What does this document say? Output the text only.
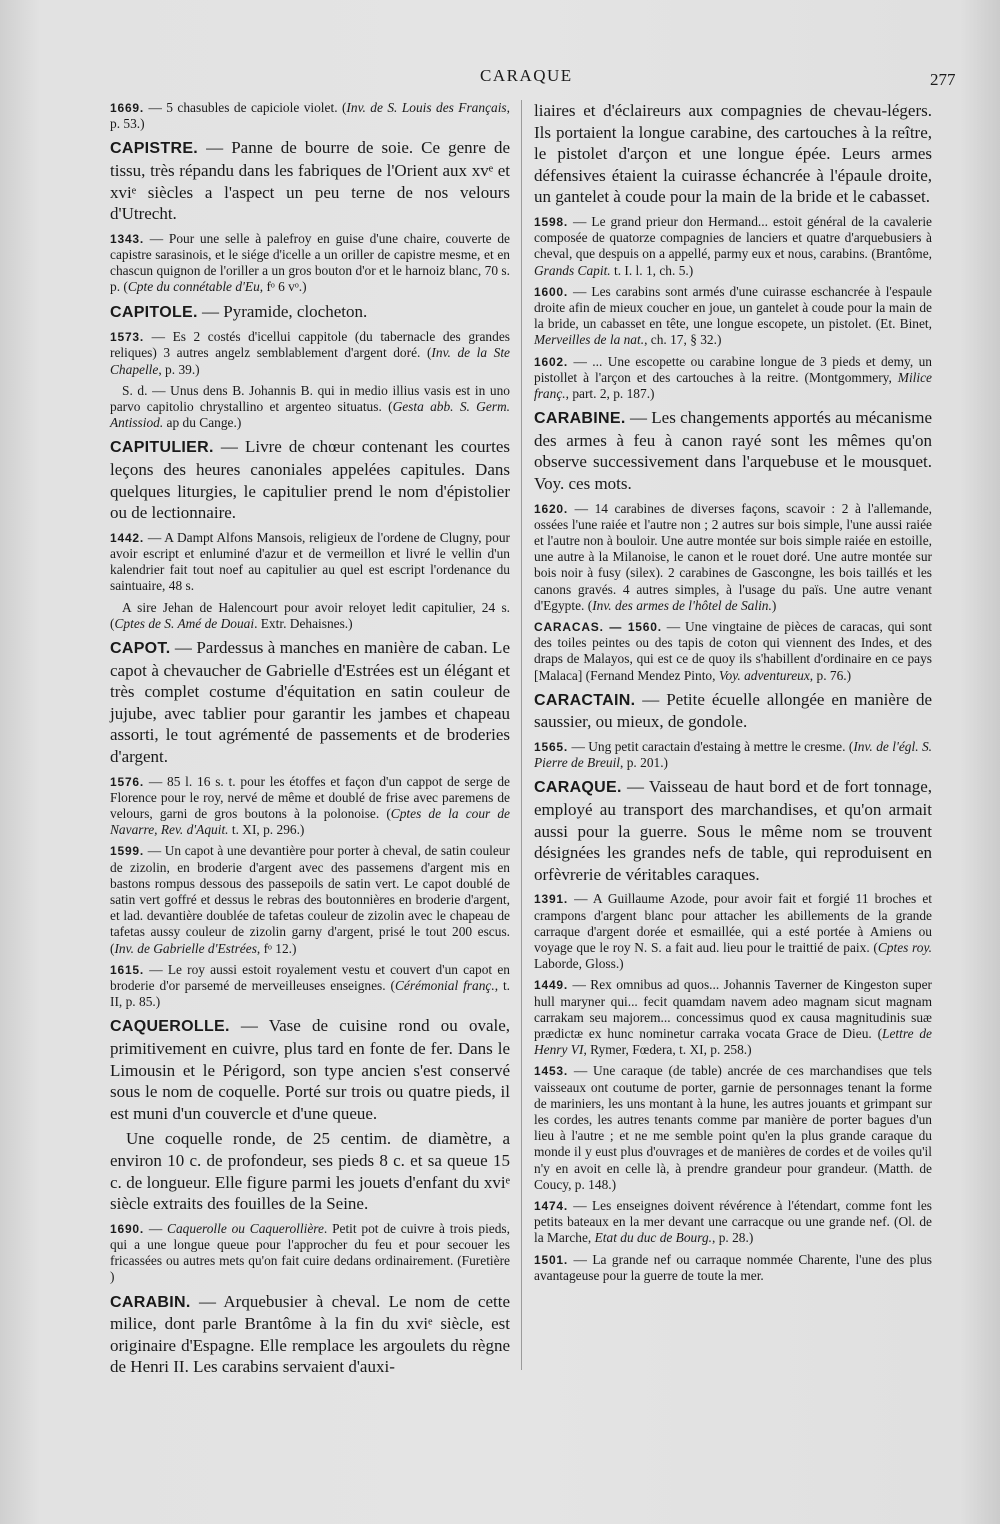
CARAQUE	277
1669. — 5 chasubles de capiciole violet. (Inv. de S. Louis des Français, p. 53.)

CAPISTRE. — Panne de bourre de soie. Ce genre de tissu, très répandu dans les fabriques de l'Orient aux xvᵉ et xviᵉ siècles a l'aspect un peu terne de nos velours d'Utrecht.

1343. — Pour une selle à palefroy en guise d'une chaire, couverte de capistre sarasinois, et le siége d'icelle a un oriller de capistre mesme, et en chascun quignon de l'oriller a un gros bouton d'or et le harnoiz blanc, 70 s. p. (Cpte du connétable d'Eu, fᵒ 6 vᵒ.)

CAPITOLE. — Pyramide, clocheton.

1573. — Es 2 costés d'icellui cappitole (du tabernacle des grandes reliques) 3 autres angelz semblablement d'argent doré. (Inv. de la Ste Chapelle, p. 39.)
S. d. — Unus dens B. Johannis B. qui in medio illius vasis est in uno parvo capitolio chrystallino et argenteo situatus. (Gesta abb. S. Germ. Antissiod. ap du Cange.)

CAPITULIER. — Livre de chœur contenant les courtes leçons des heures canoniales appelées capitules. Dans quelques liturgies, le capitulier prend le nom d'épistolier ou de lectionnaire.

1442. — A Dampt Alfons Mansois, religieux de l'ordene de Clugny, pour avoir escript et enluminé d'azur et de vermeillon et livré le vellin d'un kalendrier fait tout noef au capitulier au quel est escript l'ordenance du saintuaire, 48 s.
A sire Jehan de Halencourt pour avoir reloyet ledit capitulier, 24 s. (Cptes de S. Amé de Douai. Extr. Dehaisnes.)

CAPOT. — Pardessus à manches en manière de caban. Le capot à chevaucher de Gabrielle d'Estrées est un élégant et très complet costume d'équitation en satin couleur de jujube, avec tablier pour garantir les jambes et chapeau assorti, le tout agrémenté de passements et de broderies d'argent.

1576. — 85 l. 16 s. t. pour les étoffes et façon d'un cappot de serge de Florence pour le roy, nervé de même et doublé de frise avec paremens de velours, garni de gros boutons à la polonoise. (Cptes de la cour de Navarre, Rev. d'Aquit. t. XI, p. 296.)
1599. — Un capot à une devantière pour porter à cheval, de satin couleur de zizolin, en broderie d'argent avec des passemens d'argent mis en bastons rompus dessous des passepoils de satin vert. Le capot doublé de satin vert goffré et dessus le rebras des boutonnières en broderie d'argent, et lad. devantière doublée de tafetas couleur de zizolin avec le chapeau de tafetas aussy couleur de zizolin garny d'argent, prisé le tout 200 escus. (Inv. de Gabrielle d'Estrées, fᵒ 12.)
1615. — Le roy aussi estoit royalement vestu et couvert d'un capot en broderie d'or parsemé de merveilleuses enseignes. (Cérémonial franç., t. II, p. 85.)

CAQUEROLLE. — Vase de cuisine rond ou ovale, primitivement en cuivre, plus tard en fonte de fer. Dans le Limousin et le Périgord, son type ancien s'est conservé sous le nom de coquelle. Porté sur trois ou quatre pieds, il est muni d'un couvercle et d'une queue.

Une coquelle ronde, de 25 centim. de diamètre, a environ 10 c. de profondeur, ses pieds 8 c. et sa queue 15 c. de longueur. Elle figure parmi les jouets d'enfant du xviᵉ siècle extraits des fouilles de la Seine.

1690. — Caquerolle ou Caquerollière. Petit pot de cuivre à trois pieds, qui a une longue queue pour l'approcher du feu et pour secouer les fricassées ou autres mets qu'on fait cuire dedans ordinairement. (Furetière )

CARABIN. — Arquebusier à cheval. Le nom de cette milice, dont parle Brantôme à la fin du xviᵉ siècle, est originaire d'Espagne. Elle remplace les argoulets du règne de Henri II. Les carabins servaient d'auxi-

liaires et d'éclaireurs aux compagnies de chevau-légers. Ils portaient la longue carabine, des cartouches à la reître, le pistolet d'arçon et une longue épée. Leurs armes défensives étaient la cuirasse échancrée à l'épaule droite, un gantelet à coude pour la main de la bride et le cabasset.

1598. — Le grand prieur don Hermand... estoit général de la cavalerie composée de quatorze compagnies de lanciers et quatre d'arquebusiers à cheval, que despuis on a appellé, parmy eux et nous, carabins. (Brantôme, Grands Capit. t. I. l. 1, ch. 5.)
1600. — Les carabins sont armés d'une cuirasse eschancrée à l'espaule droite afin de mieux coucher en joue, un gantelet à coude pour la main de la bride, un cabasset en tête, une longue escopete, un pistolet. (Et. Binet, Merveilles de la nat., ch. 17, § 32.)
1602. — ... Une escopette ou carabine longue de 3 pieds et demy, un pistollet à l'arçon et des cartouches à la reitre. (Montgommery, Milice franç., part. 2, p. 187.)

CARABINE. — Les changements apportés au mécanisme des armes à feu à canon rayé sont les mêmes qu'on observe successivement dans l'arquebuse et le mousquet. Voy. ces mots.

1620. — 14 carabines de diverses façons, scavoir : 2 à l'allemande, ossées l'une raiée et l'autre non ; 2 autres sur bois simple, l'une aussi raiée et l'autre non à bouloir. Une autre montée sur bois simple raiée en estoille, une autre à la Milanoise, le canon et le rouet doré. Une autre montée sur bois noir à fusy (silex). 2 carabines de Gascongne, les bois taillés et les canons gravés. 4 autres simples, à l'usage du païs. Une autre venant d'Egypte. (Inv. des armes de l'hôtel de Salin.)
CARACAS. — 1560. — Une vingtaine de pièces de caracas, qui sont des toiles peintes ou des tapis de coton qui viennent des Indes, et des draps de Malayos, qui est ce de quoy ils s'habillent d'ordinaire en ce pays [Malaca] (Fernand Mendez Pinto, Voy. adventureux, p. 76.)

CARACTAIN. — Petite écuelle allongée en manière de saussier, ou mieux, de gondole.

1565. — Ung petit caractain d'estaing à mettre le cresme. (Inv. de l'égl. S. Pierre de Breuil, p. 201.)

CARAQUE. — Vaisseau de haut bord et de fort tonnage, employé au transport des marchandises, et qu'on armait aussi pour la guerre. Sous le même nom se trouvent désignées les grandes nefs de table, qui reproduisent en orfèvrerie de véritables caraques.

1391. — A Guillaume Azode, pour avoir fait et forgié 11 broches et crampons d'argent blanc pour attacher les abillements de la grande carraque d'argent dorée et esmaillée, qui a esté portée à Amiens ou voyage que le roy N. S. a fait aud. lieu pour le traittié de paix. (Cptes roy. Laborde, Gloss.)
1449. — Rex omnibus ad quos... Johannis Taverner de Kingeston super hull maryner qui... fecit quamdam navem adeo magnam sicut magnam carrakam seu majorem... concessimus quod ex causa magnitudinis suæ prædictæ ex hunc nominetur carraka vocata Grace de Dieu. (Lettre de Henry VI, Rymer, Fœdera, t. XI, p. 258.)
1453. — Une caraque (de table) ancrée de ces marchandises que tels vaisseaux ont coutume de porter, garnie de personnages tenant la forme de mariniers, les uns montant à la hune, les autres jouants et grimpant sur les cordes, les autres tenants comme par manière de porter bagues d'un lieu à l'autre ; et ne me semble point qu'en la plus grande caraque du monde il y eust plus d'ouvrages et de manières de cordes et de voiles qu'il n'y en avoit en celle là, à prendre grandeur pour grandeur. (Matth. de Coucy, p. 148.)
1474. — Les enseignes doivent révérence à l'étendart, comme font les petits bateaux en la mer devant une carracque ou une grande nef. (Ol. de la Marche, Etat du duc de Bourg., p. 28.)
1501. — La grande nef ou carraque nommée Charente, l'une des plus avantageuse pour la guerre de toute la mer.
